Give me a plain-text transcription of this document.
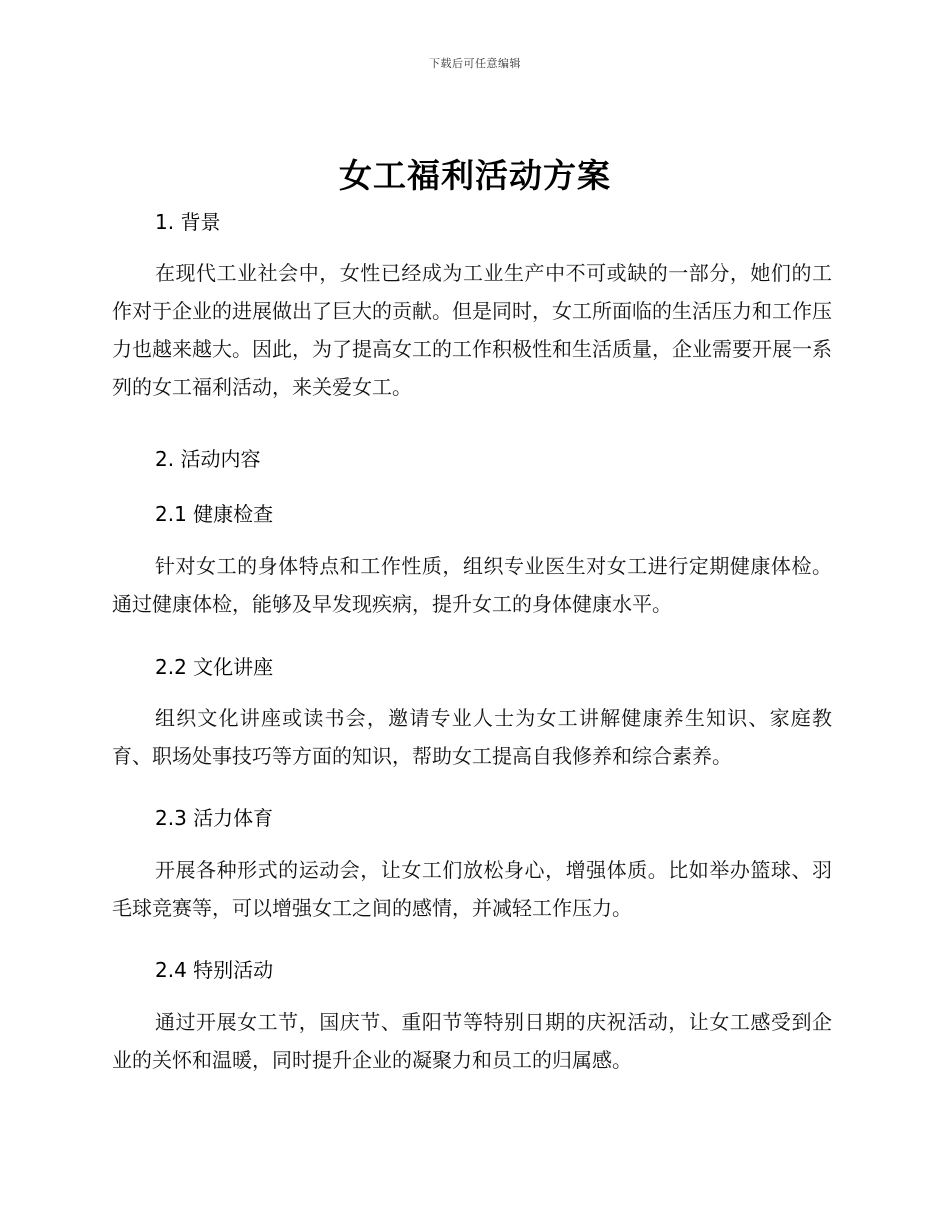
下载后可任意编辑
女工福利活动方案
1. 背景

在现代工业社会中，女性已经成为工业生产中不可或缺的一部分，她们的工作对于企业的进展做出了巨大的贡献。但是同时，女工所面临的生活压力和工作压力也越来越大。因此，为了提高女工的工作积极性和生活质量，企业需要开展一系列的女工福利活动，来关爱女工。

2. 活动内容
2.1 健康检查

针对女工的身体特点和工作性质，组织专业医生对女工进行定期健康体检。通过健康体检，能够及早发现疾病，提升女工的身体健康水平。

2.2 文化讲座

组织文化讲座或读书会，邀请专业人士为女工讲解健康养生知识、家庭教育、职场处事技巧等方面的知识，帮助女工提高自我修养和综合素养。

2.3 活力体育

开展各种形式的运动会，让女工们放松身心，增强体质。比如举办篮球、羽毛球竞赛等，可以增强女工之间的感情，并减轻工作压力。

2.4 特别活动

通过开展女工节，国庆节、重阳节等特别日期的庆祝活动，让女工感受到企业的关怀和温暖，同时提升企业的凝聚力和员工的归属感。
